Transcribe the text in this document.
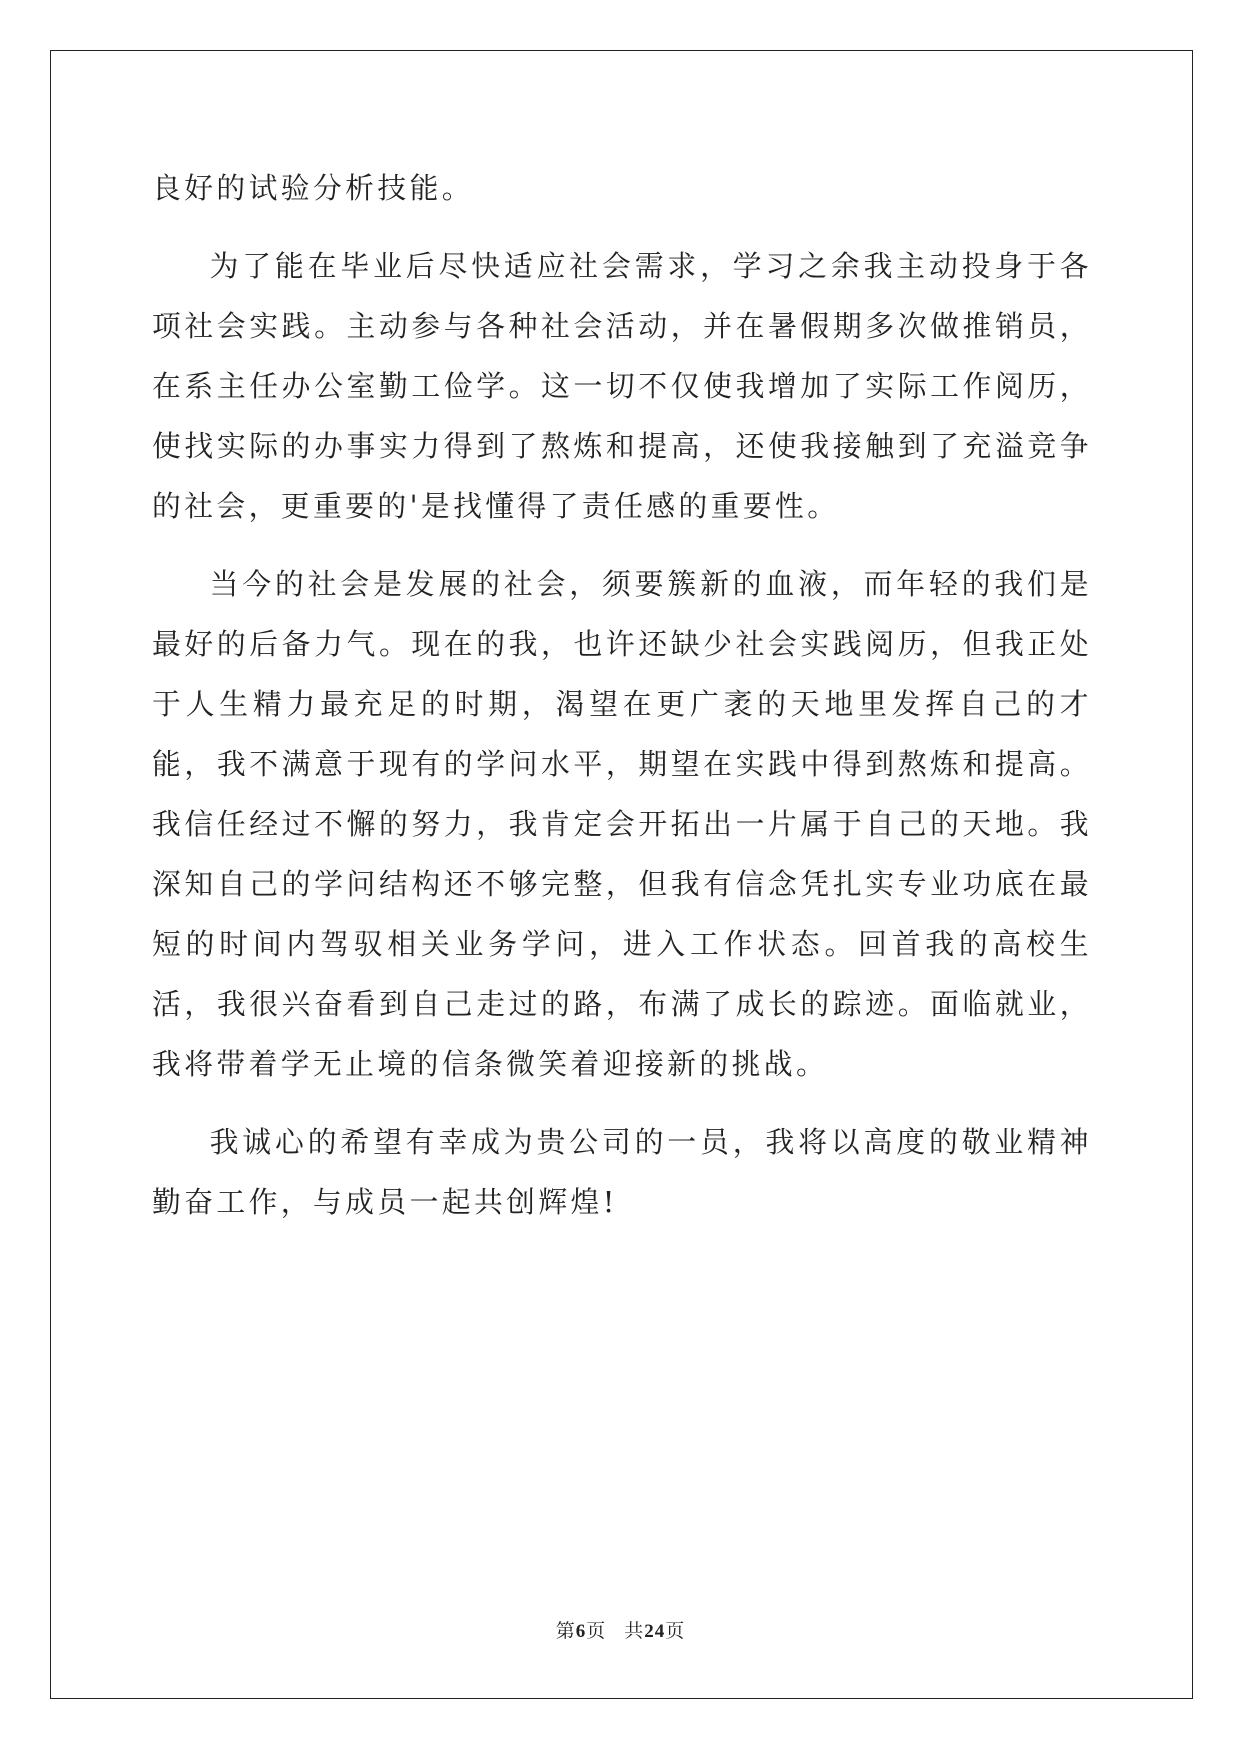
良好的试验分析技能。

为了能在毕业后尽快适应社会需求，学习之余我主动投身于各项社会实践。主动参与各种社会活动，并在暑假期多次做推销员，在系主任办公室勤工俭学。这一切不仅使我增加了实际工作阅历，使找实际的办事实力得到了熬炼和提高，还使我接触到了充溢竞争的社会，更重要的'是找懂得了责任感的重要性。

当今的社会是发展的社会，须要簇新的血液，而年轻的我们是最好的后备力气。现在的我，也许还缺少社会实践阅历，但我正处于人生精力最充足的时期，渴望在更广袤的天地里发挥自己的才能，我不满意于现有的学问水平，期望在实践中得到熬炼和提高。我信任经过不懈的努力，我肯定会开拓出一片属于自己的天地。我深知自己的学问结构还不够完整，但我有信念凭扎实专业功底在最短的时间内驾驭相关业务学问，进入工作状态。回首我的高校生活，我很兴奋看到自己走过的路，布满了成长的踪迹。面临就业，我将带着学无止境的信条微笑着迎接新的挑战。

我诚心的希望有幸成为贵公司的一员，我将以高度的敬业精神勤奋工作，与成员一起共创辉煌!

第6页 共24页
